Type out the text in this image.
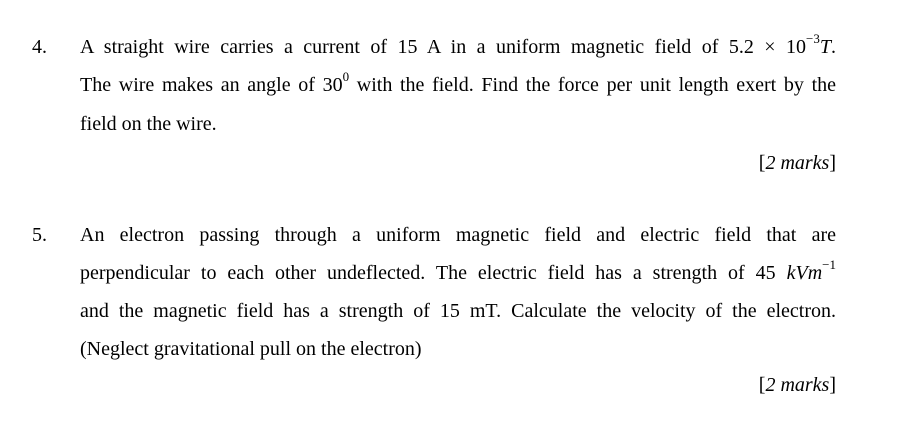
4. A straight wire carries a current of 15 A in a uniform magnetic field of $5.2 \times 10^{-3}T$.
The wire makes an angle of $30^0$ with the field. Find the force per unit length exert by the
field on the wire.
[2 marks]
5. An electron passing through a uniform magnetic field and electric field that are
perpendicular to each other undeflected. The electric field has a strength of 45 kVm$^{-1}$
and the magnetic field has a strength of 15 mT. Calculate the velocity of the electron.
(Neglect gravitational pull on the electron)
[2 marks]
